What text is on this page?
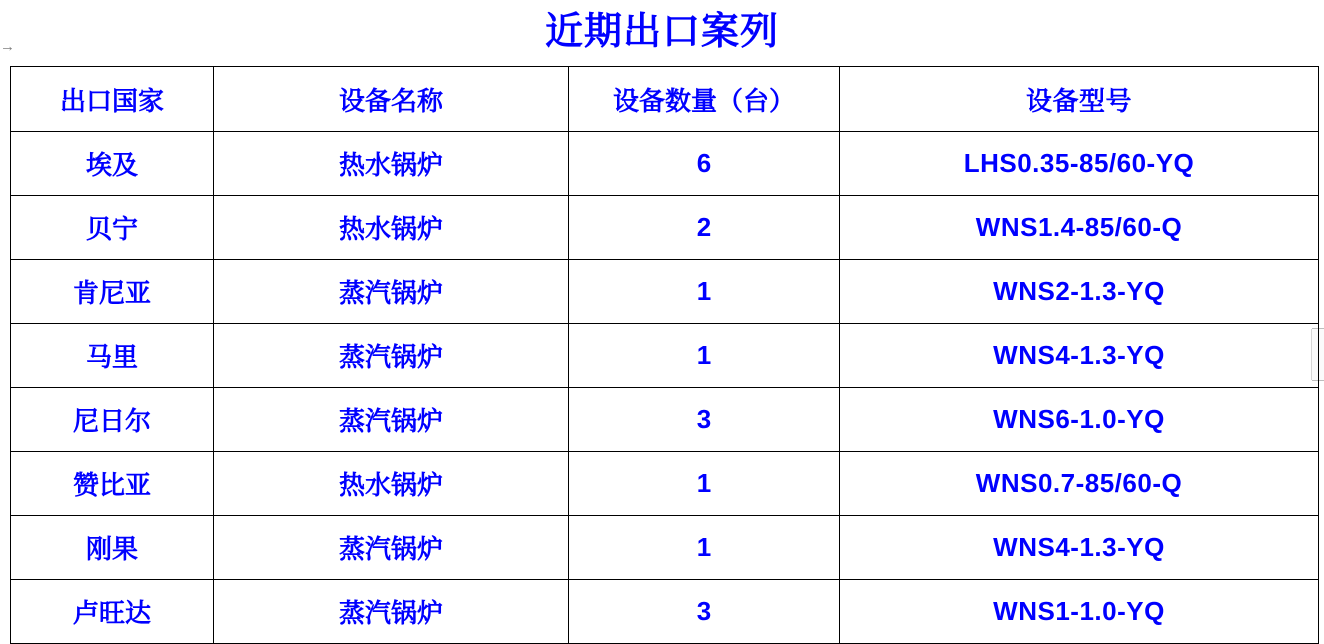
→	近期出口案列
出口国家	设备名称	设备数量（台）	设备型号
埃及	热水锅炉	6	LHS0.35-85/60-YQ
贝宁	热水锅炉	2	WNS1.4-85/60-Q
肯尼亚	蒸汽锅炉	1	WNS2-1.3-YQ
马里	蒸汽锅炉	1	WNS4-1.3-YQ
尼日尔	蒸汽锅炉	3	WNS6-1.0-YQ
赞比亚	热水锅炉	1	WNS0.7-85/60-Q
刚果	蒸汽锅炉	1	WNS4-1.3-YQ
卢旺达	蒸汽锅炉	3	WNS1-1.0-YQ
